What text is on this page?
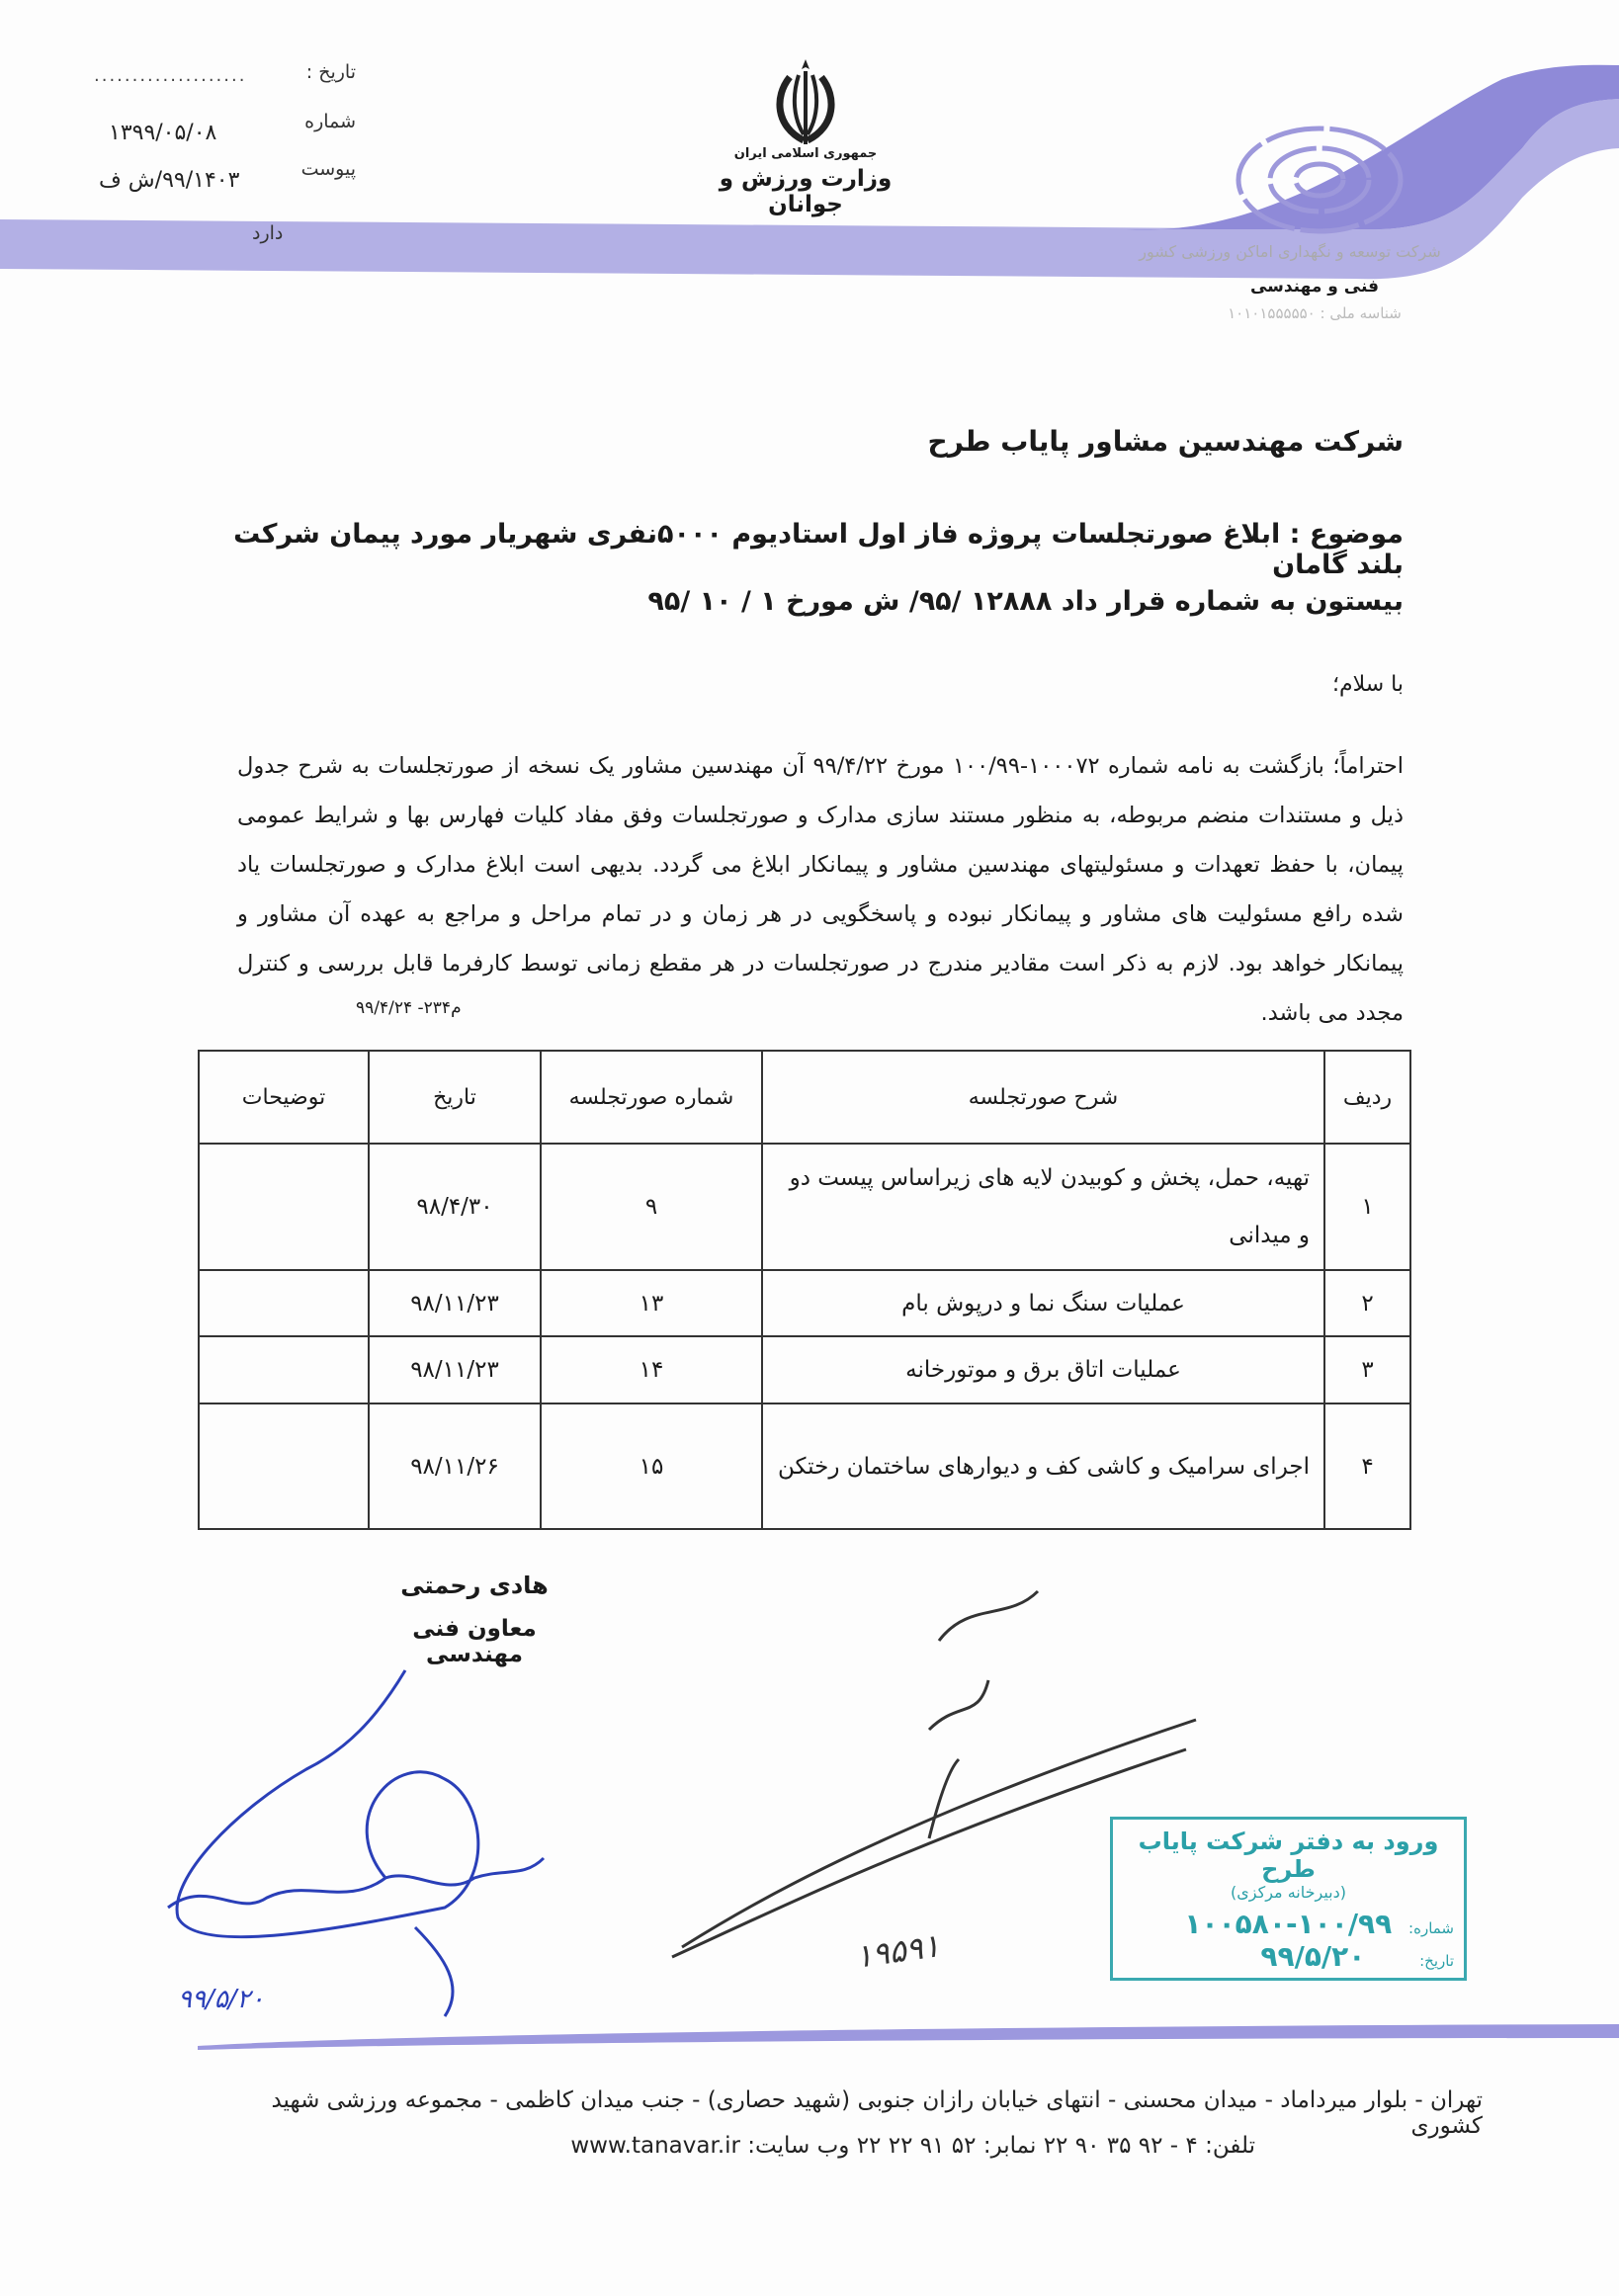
تاریخ :
....................
شماره
۱۳۹۹/۰۵/۰۸
پیوست
۹۹/۱۴۰۳/ش ف
دارد
جمهوری اسلامی ایران
وزارت ورزش و جوانان
شرکت توسعه و نگهداری اماکن ورزشی کشور
فنی و مهندسی
شناسه ملی : ۱۰۱۰۱۵۵۵۵۵۰
شرکت مهندسین مشاور پایاب طرح
موضوع : ابلاغ صورتجلسات پروژه فاز اول استادیوم ۵۰۰۰نفری شهریار مورد پیمان شرکت بلند گامان
بیستون به شماره قرار داد ۱۲۸۸۸ /۹۵/ ش مورخ ۱ / ۱۰ /۹۵
با سلام؛
احتراماً؛ بازگشت به نامه شماره ۱۰۰۰۷۲-۱۰۰/۹۹ مورخ ۹۹/۴/۲۲ آن مهندسین مشاور یک نسخه از صورتجلسات به شرح جدول ذیل و مستندات منضم مربوطه، به منظور مستند سازی مدارک و صورتجلسات وفق مفاد کلیات فهارس بها و شرایط عمومی پیمان، با حفظ تعهدات و مسئولیتهای مهندسین مشاور و پیمانکار ابلاغ می گردد. بدیهی است ابلاغ مدارک و صورتجلسات یاد شده رافع مسئولیت های مشاور و پیمانکار نبوده و پاسخگویی در هر زمان و در تمام مراحل و مراجع به عهده آن مشاور و پیمانکار خواهد بود. لازم به ذکر است مقادیر مندرج در صورتجلسات در هر مقطع زمانی توسط کارفرما قابل بررسی و کنترل مجدد می باشد.
م۲۳۴- ۹۹/۴/۲۴
ردیف	شرح صورتجلسه	شماره صورتجلسه	تاریخ	توضیحات
۱	تهیه، حمل، پخش و کوبیدن لایه های زیراساس پیست دو و میدانی	۹	۹۸/۴/۳۰	
۲	عملیات سنگ نما و درپوش بام	۱۳	۹۸/۱۱/۲۳	
۳	عملیات اتاق برق و موتورخانه	۱۴	۹۸/۱۱/۲۳	
۴	اجرای سرامیک و کاشی کف و دیوارهای ساختمان رختکن	۱۵	۹۸/۱۱/۲۶	
هادی رحمتی
معاون فنی مهندسی
۹۹/۵/۲۰
۱۹۵۹۱
ورود به دفتر شرکت پایاب طرح
(دبیرخانه مرکزی)
شماره: ۱۰۰/۹۹-۱۰۰۵۸۰
تاریخ: ۹۹/۵/۲۰
تهران - بلوار میرداماد - میدان محسنی - انتهای خیابان رازان جنوبی (شهید حصاری) - جنب میدان کاظمی - مجموعه ورزشی شهید کشوری
تلفن: ۴ - ۹۲ ۳۵ ۹۰ ۲۲ نمابر: ۵۲ ۹۱ ۲۲ ۲۲ وب سایت: www.tanavar.ir
